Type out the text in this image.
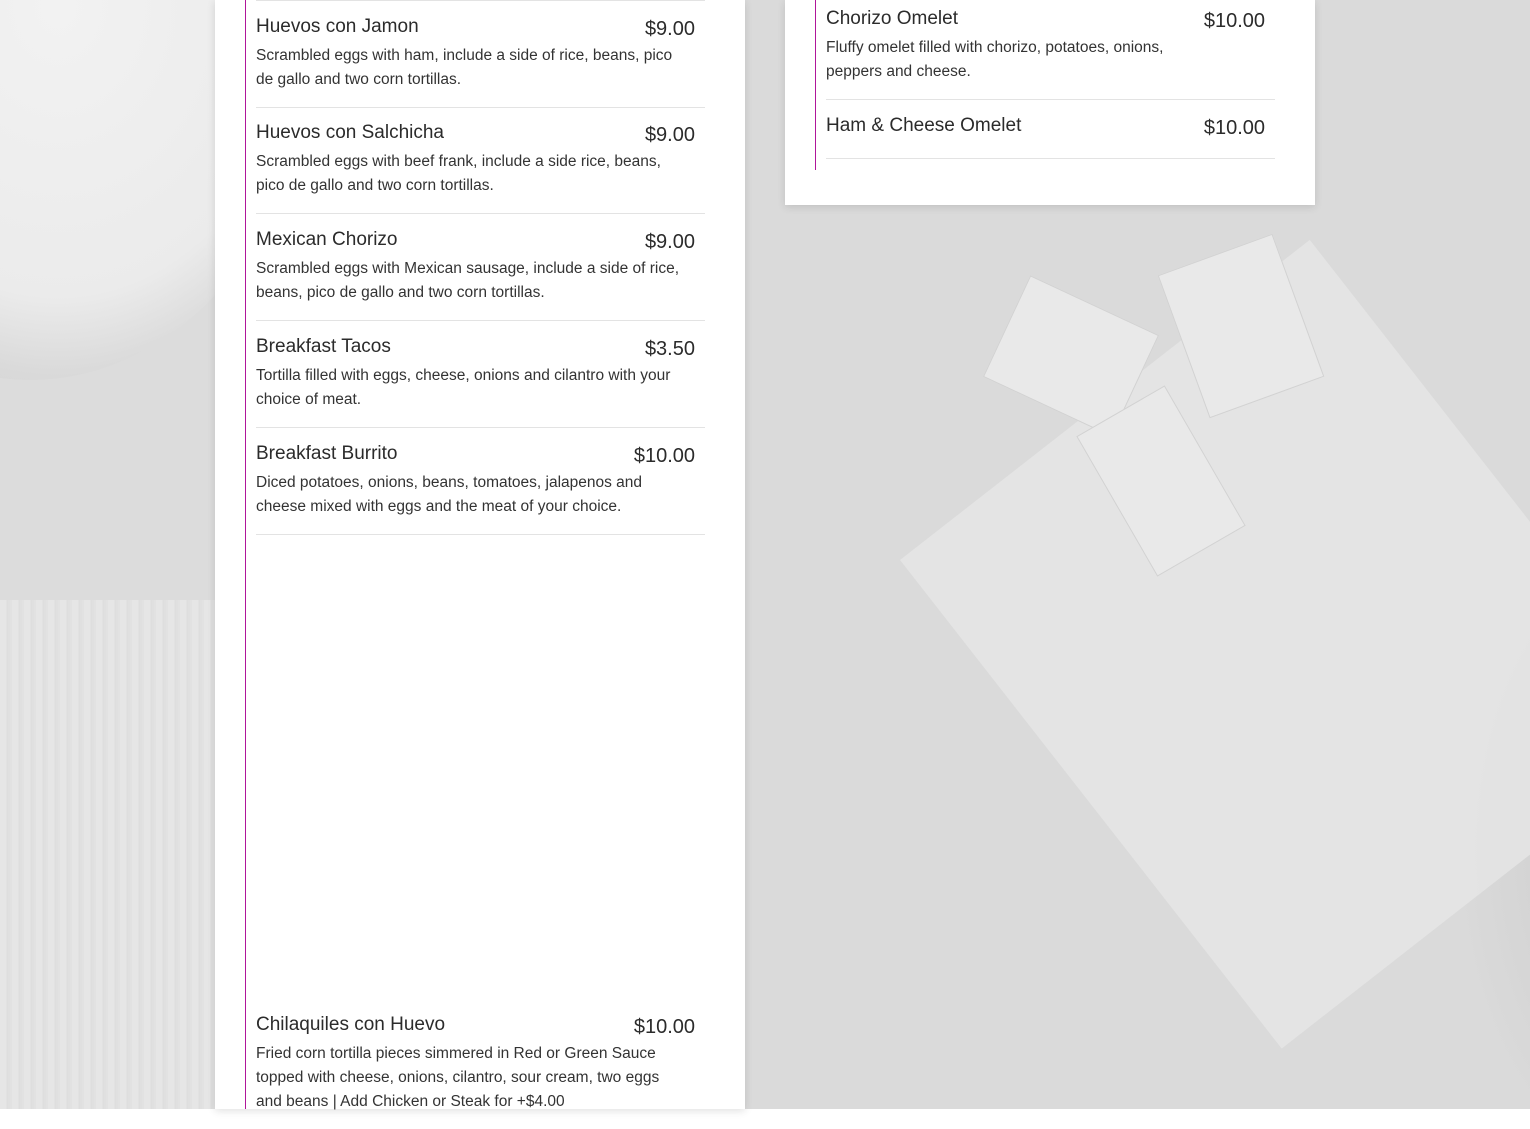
Huevos con Jamon	$9.00
Scrambled eggs with ham, include a side of rice, beans, pico de gallo and two corn tortillas.
Huevos con Salchicha	$9.00
Scrambled eggs with beef frank, include a side rice, beans, pico de gallo and two corn tortillas.
Mexican Chorizo	$9.00
Scrambled eggs with Mexican sausage, include a side of rice, beans, pico de gallo and two corn tortillas.
Breakfast Tacos	$3.50
Tortilla filled with eggs, cheese, onions and cilantro with your choice of meat.
Breakfast Burrito	$10.00
Diced potatoes, onions, beans, tomatoes, jalapenos and cheese mixed with eggs and the meat of your choice.
Chilaquiles con Huevo	$10.00
Fried corn tortilla pieces simmered in Red or Green Sauce topped with cheese, onions, cilantro, sour cream, two eggs and beans | Add Chicken or Steak for +$4.00
Chorizo Omelet	$10.00
Fluffy omelet filled with chorizo, potatoes, onions, peppers and cheese.
Ham & Cheese Omelet	$10.00
